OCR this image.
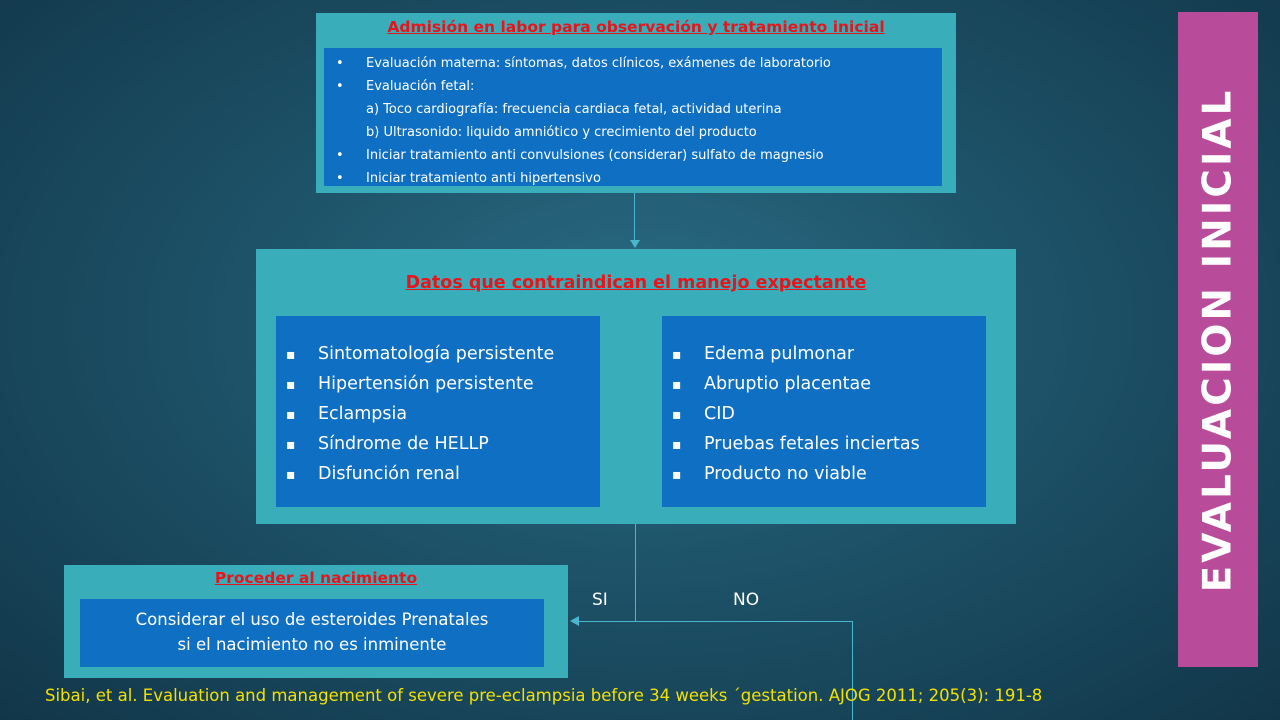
Admisión en labor para observación y tratamiento inicial
• Evaluación materna: síntomas, datos clínicos, exámenes de laboratorio
• Evaluación fetal:
a) Toco cardiografía: frecuencia cardiaca fetal, actividad uterina
b) Ultrasonido: liquido amniótico y crecimiento del producto
• Iniciar tratamiento anti convulsiones (considerar) sulfato de magnesio
• Iniciar tratamiento anti hipertensivo
Datos que contraindican el manejo expectante
▪ Sintomatología persistente
▪ Hipertensión persistente
▪ Eclampsia
▪ Síndrome de HELLP
▪ Disfunción renal
▪ Edema pulmonar
▪ Abruptio placentae
▪ CID
▪ Pruebas fetales inciertas
▪ Producto no viable
SI	NO
Proceder al nacimiento
Considerar el uso de esteroides Prenatales
si el nacimiento no es inminente
EVALUACION INICIAL
Sibai, et al. Evaluation and management of severe pre-eclampsia before 34 weeks ´gestation. AJOG 2011; 205(3): 191-8
